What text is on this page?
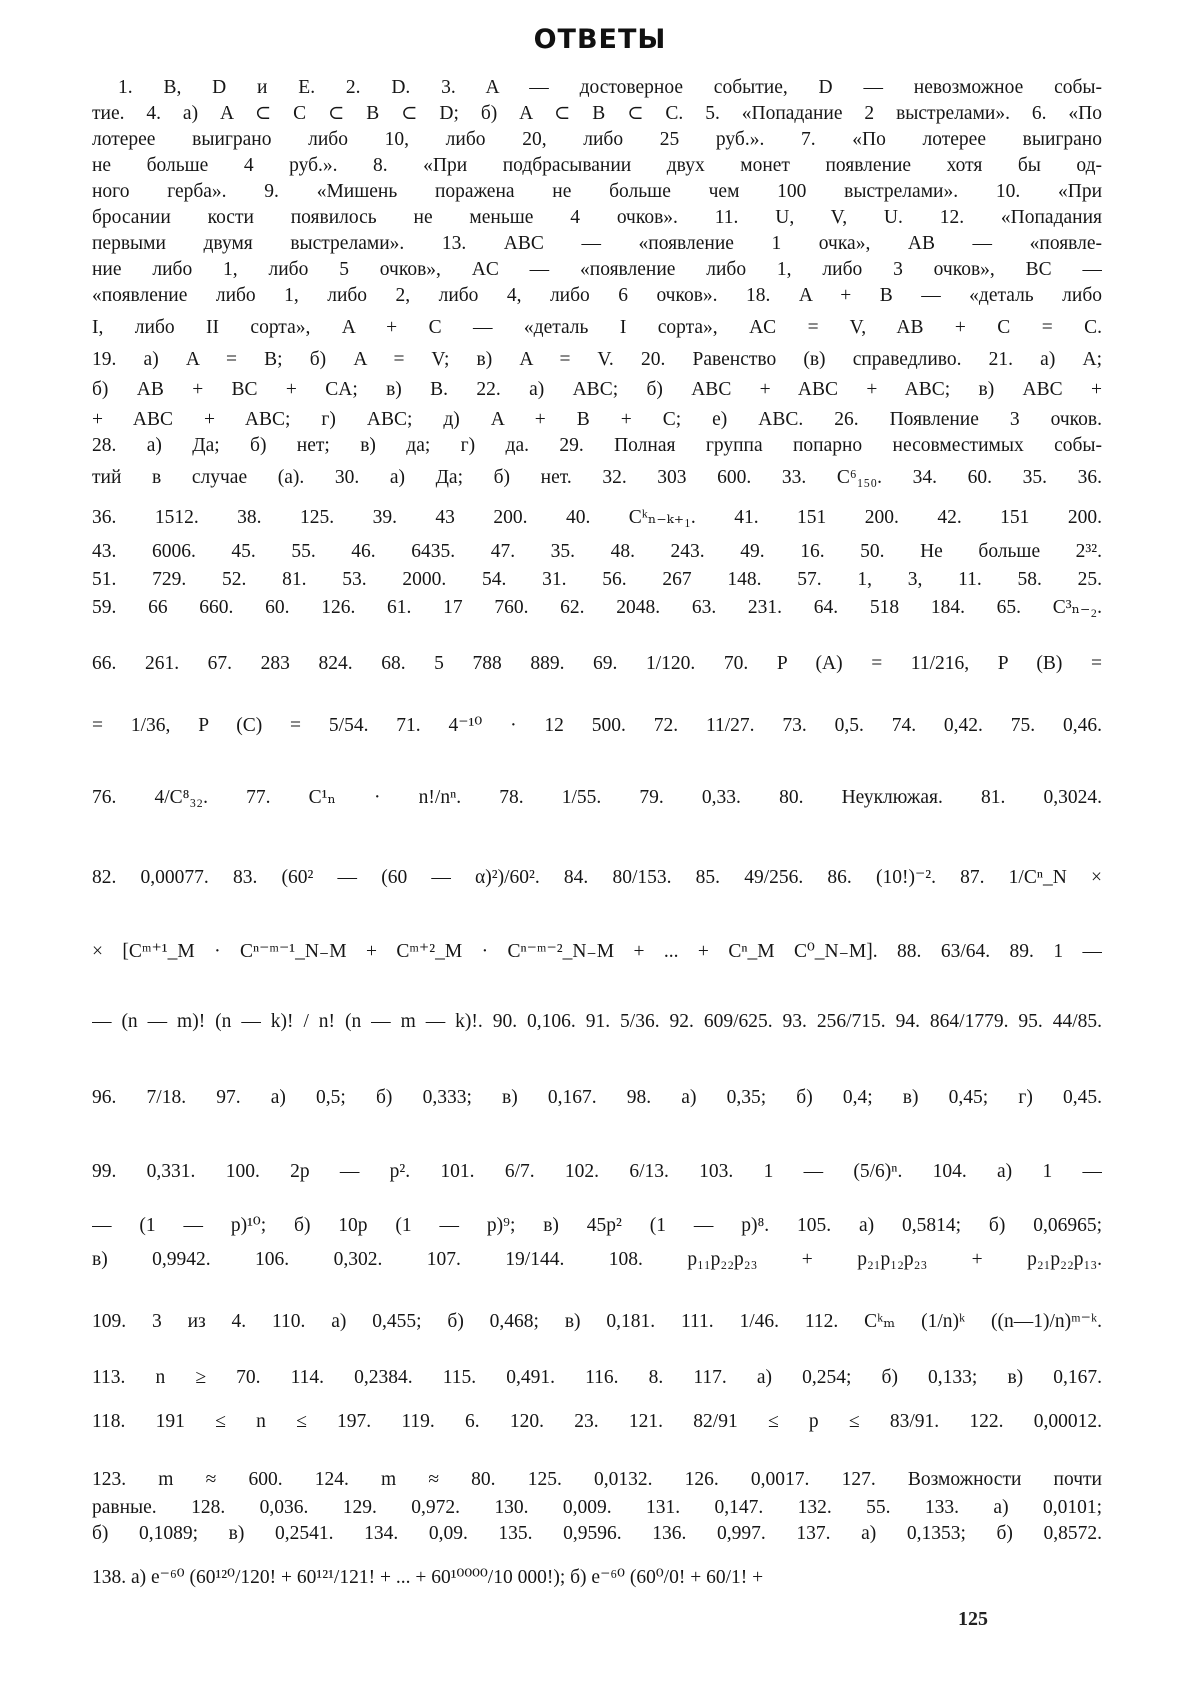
ОТВЕТЫ
1. B, D и E. 2. D. 3. A — достоверное событие, D — невозможное собы-
тие. 4. а) A ⊂ C ⊂ B ⊂ D; б) A ⊂ B ⊂ C. 5. «Попадание 2 выстрелами». 6. «По
лотерее выиграно либо 10, либо 20, либо 25 руб.». 7. «По лотерее выиграно
не больше 4 руб.». 8. «При подбрасывании двух монет появление хотя бы од-
ного герба». 9. «Мишень поражена не больше чем 100 выстрелами». 10. «При
бросании кости появилось не меньше 4 очков». 11. U, V, U. 12. «Попадания
первыми двумя выстрелами». 13. ABC — «появление 1 очка», AB — «появле-
ние либо 1, либо 5 очков», AC — «появление либо 1, либо 3 очков», BC —
«появление либо 1, либо 2, либо 4, либо 6 очков». 18. A + B — «деталь либо
I, либо II сорта», A + C — «деталь I сорта», AC = V, AB + C = C.
19. а) A = B; б) A = V; в) A = V. 20. Равенство (в) справедливо. 21. а) A;
б) AB + BC + CA; в) B. 22. а) ABC; б) ABC + ABC + ABC; в) ABC +
+ ABC + ABC; г) ABC; д) A + B + C; е) ABC. 26. Появление 3 очков.
28. а) Да; б) нет; в) да; г) да. 29. Полная группа попарно несовместимых собы-
тий в случае (а). 30. а) Да; б) нет. 32. 303 600. 33. C⁶₁₅₀. 34. 60. 35. 36.
36. 1512. 38. 125. 39. 43 200. 40. Cᵏₙ₋ₖ₊₁. 41. 151 200. 42. 151 200.
43. 6006. 45. 55. 46. 6435. 47. 35. 48. 243. 49. 16. 50. Не больше 2³².
51. 729. 52. 81. 53. 2000. 54. 31. 56. 267 148. 57. 1, 3, 11. 58. 25.
59. 66 660. 60. 126. 61. 17 760. 62. 2048. 63. 231. 64. 518 184. 65. C³ₙ₋₂.
66. 261. 67. 283 824. 68. 5 788 889. 69. 1/120. 70. P (A) = 11/216, P (B) =
= 1/36, P (C) = 5/54. 71. 4⁻¹⁰ · 12 500. 72. 11/27. 73. 0,5. 74. 0,42. 75. 0,46.
76. 4/C⁸₃₂. 77. C¹ₙ · n!/nⁿ. 78. 1/55. 79. 0,33. 80. Неуклюжая. 81. 0,3024.
82. 0,00077. 83. (60² — (60 — α)²)/60². 84. 80/153. 85. 49/256. 86. (10!)⁻². 87. 1/Cⁿ_N ×
× [Cᵐ⁺¹_M · Cⁿ⁻ᵐ⁻¹_N₋M + Cᵐ⁺²_M · Cⁿ⁻ᵐ⁻²_N₋M + ... + Cⁿ_M C⁰_N₋M]. 88. 63/64. 89. 1 —
— (n — m)! (n — k)! / n! (n — m — k)!. 90. 0,106. 91. 5/36. 92. 609/625. 93. 256/715. 94. 864/1779. 95. 44/85.
96. 7/18. 97. а) 0,5; б) 0,333; в) 0,167. 98. а) 0,35; б) 0,4; в) 0,45; г) 0,45.
99. 0,331. 100. 2p — p². 101. 6/7. 102. 6/13. 103. 1 — (5/6)ⁿ. 104. а) 1 —
— (1 — p)¹⁰; б) 10p (1 — p)⁹; в) 45p² (1 — p)⁸. 105. а) 0,5814; б) 0,06965;
в) 0,9942. 106. 0,302. 107. 19/144. 108. p₁₁p₂₂p₂₃ + p₂₁p₁₂p₂₃ + p₂₁p₂₂p₁₃.
109. 3 из 4. 110. а) 0,455; б) 0,468; в) 0,181. 111. 1/46. 112. Cᵏₘ (1/n)ᵏ ((n—1)/n)ᵐ⁻ᵏ.
113. n ≥ 70. 114. 0,2384. 115. 0,491. 116. 8. 117. а) 0,254; б) 0,133; в) 0,167.
118. 191 ≤ n ≤ 197. 119. 6. 120. 23. 121. 82/91 ≤ p ≤ 83/91. 122. 0,00012.
123. m ≈ 600. 124. m ≈ 80. 125. 0,0132. 126. 0,0017. 127. Возможности почти
равные. 128. 0,036. 129. 0,972. 130. 0,009. 131. 0,147. 132. 55. 133. а) 0,0101;
б) 0,1089; в) 0,2541. 134. 0,09. 135. 0,9596. 136. 0,997. 137. а) 0,1353; б) 0,8572.
138. а) e⁻⁶⁰ (60¹²⁰/120! + 60¹²¹/121! + ... + 60¹⁰⁰⁰⁰/10 000!); б) e⁻⁶⁰ (60⁰/0! + 60/1! +
125
